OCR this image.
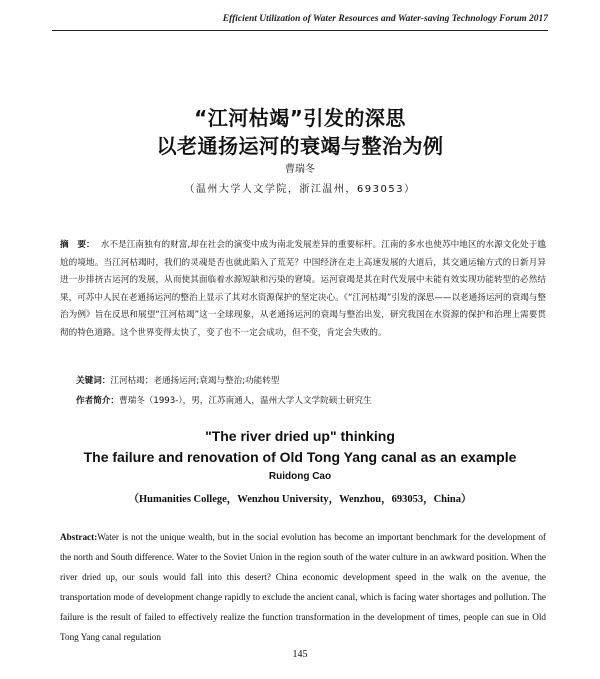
Efficient Utilization of Water Resources and Water-saving Technology Forum 2017
“江河枯竭”引发的深思
以老通扬运河的衰竭与整治为例
曹瑞冬
（温州大学人文学院，浙江温州，693053）
摘　要： 水不是江南独有的财富,却在社会的演变中成为南北发展差异的重要标杆。江南的多水也使苏中地区的水源文化处于尴尬的境地。当江河枯竭时，我们的灵魂是否也就此陷入了荒芜？中国经济在走上高速发展的大道后，其交通运输方式的日新月异进一步排挤古运河的发展，从而使其面临着水源短缺和污染的窘境。运河衰竭是其在时代发展中未能有效实现功能转型的必然结果，可苏中人民在老通扬运河的整治上显示了其对水资源保护的坚定决心。《“江河枯竭”引发的深思——以老通扬运河的衰竭与整治为例》旨在反思和展望“江河枯竭”这一全球现象，从老通扬运河的衰竭与整治出发，研究我国在水资源的保护和治理上需要贯彻的特色道路。这个世界变得太快了，变了也不一定会成功，但不变，肯定会失败的。
关键词：江河枯竭；老通扬运河;衰竭与整治;功能转型
作者简介：曹瑞冬（1993-），男，江苏南通人，温州大学人文学院硕士研究生
"The river dried up" thinking
The failure and renovation of Old Tong Yang canal as an example
Ruidong Cao
（Humanities College，Wenzhou University，Wenzhou，693053，China）
Abstract:Water is not the unique wealth, but in the social evolution has become an important benchmark for the development of the north and South difference. Water to the Soviet Union in the region south of the water culture in an awkward position. When the river dried up, our souls would fall into this desert? China economic development speed in the walk on the avenue, the transportation mode of development change rapidly to exclude the ancient canal, which is facing water shortages and pollution. The failure is the result of failed to effectively realize the function transformation in the development of times, people can sue in Old Tong Yang canal regulation
145
